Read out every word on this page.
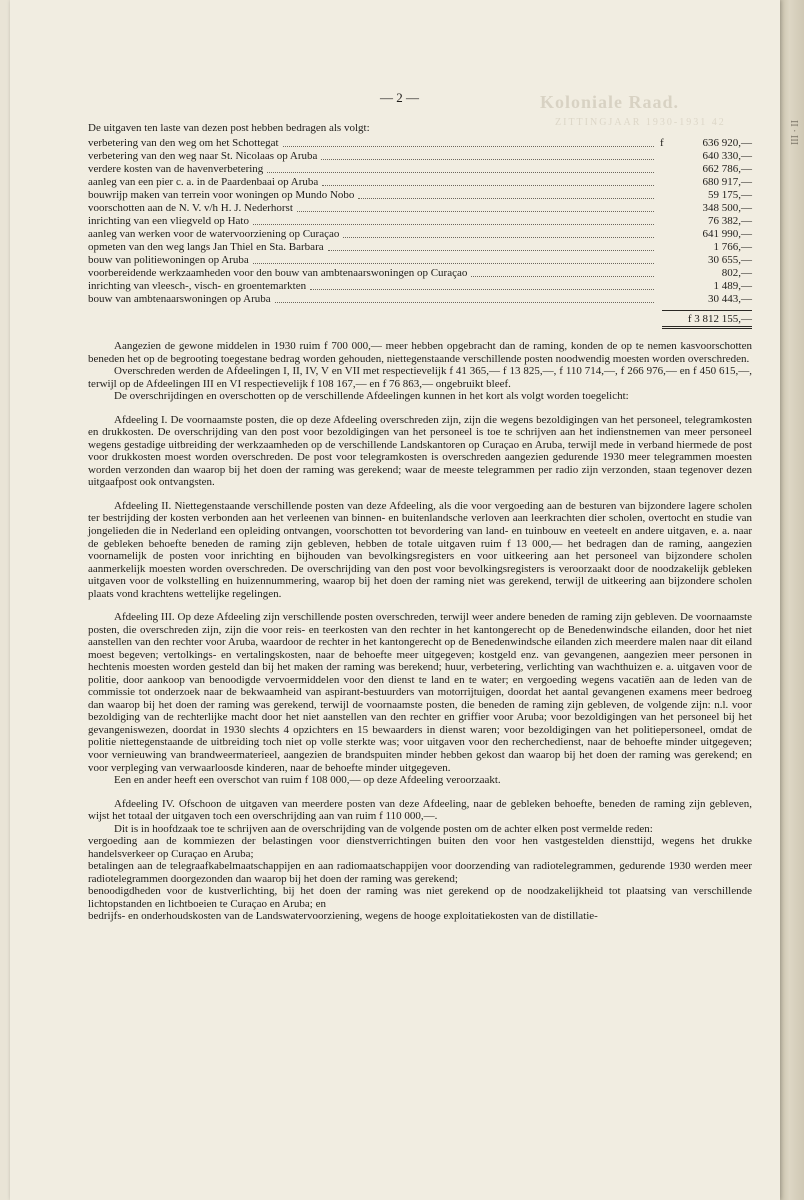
II · III
Koloniale Raad.
ZITTINGJAAR 1930-1931 42
— 2 —

De uitgaven ten laste van dezen post hebben bedragen als volgt:

verbetering van den weg om het Schottegat	f	636 920,—
verbetering van den weg naar St. Nicolaas op Aruba	640 330,—
verdere kosten van de havenverbetering	662 786,—
aanleg van een pier c. a. in de Paardenbaai op Aruba	680 917,—
bouwrijp maken van terrein voor woningen op Mundo Nobo	59 175,—
voorschotten aan de N. V. v/h H. J. Nederhorst	348 500,—
inrichting van een vliegveld op Hato	76 382,—
aanleg van werken voor de watervoorziening op Curaçao	641 990,—
opmeten van den weg langs Jan Thiel en Sta. Barbara	1 766,—
bouw van politiewoningen op Aruba	30 655,—
voorbereidende werkzaamheden voor den bouw van ambtenaarswoningen op Curaçao	802,—
inrichting van vleesch-, visch- en groentemarkten	1 489,—
bouw van ambtenaarswoningen op Aruba	30 443,—
f 3 812 155,—

Aangezien de gewone middelen in 1930 ruim f 700 000,— meer hebben opgebracht dan de raming, konden de op te nemen kasvoorschotten beneden het op de begrooting toegestane bedrag worden gehouden, niettegenstaande verschillende posten noodwendig moesten worden overschreden.

Overschreden werden de Afdeelingen I, II, IV, V en VII met respectievelijk f 41 365,— f 13 825,—, f 110 714,—, f 266 976,— en f 450 615,—, terwijl op de Afdeelingen III en VI respectievelijk f 108 167,— en f 76 863,— ongebruikt bleef.

De overschrijdingen en overschotten op de verschillende Afdeelingen kunnen in het kort als volgt worden toegelicht:

Afdeeling I. De voornaamste posten, die op deze Afdeeling overschreden zijn, zijn die wegens bezoldigingen van het personeel, telegramkosten en drukkosten. De overschrijding van den post voor bezoldigingen van het personeel is toe te schrijven aan het indienstnemen van meer personeel wegens gestadige uitbreiding der werkzaamheden op de verschillende Landskantoren op Curaçao en Aruba, terwijl mede in verband hiermede de post voor drukkosten moest worden overschreden. De post voor telegramkosten is overschreden aangezien gedurende 1930 meer telegrammen moesten worden verzonden dan waarop bij het doen der raming was gerekend; waar de meeste telegrammen per radio zijn verzonden, staan tegenover dezen uitgaafpost ook ontvangsten.

Afdeeling II. Niettegenstaande verschillende posten van deze Afdeeling, als die voor vergoeding aan de besturen van bijzondere lagere scholen ter bestrijding der kosten verbonden aan het verleenen van binnen- en buitenlandsche verloven aan leerkrachten dier scholen, overtocht en studie van jongelieden die in Nederland een opleiding ontvangen, voorschotten tot bevordering van land- en tuinbouw en veeteelt en andere uitgaven, e. a. naar de gebleken behoefte beneden de raming zijn gebleven, hebben de totale uitgaven ruim f 13 000,— het bedragen dan de raming, aangezien voornamelijk de posten voor inrichting en bijhouden van bevolkingsregisters en voor uitkeering aan het personeel van bijzondere scholen aanmerkelijk moesten worden overschreden. De overschrijding van den post voor bevolkingsregisters is veroorzaakt door de noodzakelijk gebleken uitgaven voor de volkstelling en huizennummering, waarop bij het doen der raming niet was gerekend, terwijl de uitkeering aan bijzondere scholen plaats vond krachtens wettelijke regelingen.

Afdeeling III. Op deze Afdeeling zijn verschillende posten overschreden, terwijl weer andere beneden de raming zijn gebleven. De voornaamste posten, die overschreden zijn, zijn die voor reis- en teerkosten van den rechter in het kantongerecht op de Benedenwindsche eilanden, door het niet aanstellen van den rechter voor Aruba, waardoor de rechter in het kantongerecht op de Benedenwindsche eilanden zich meerdere malen naar dit eiland moest begeven; vertolkings- en vertalingskosten, naar de behoefte meer uitgegeven; kostgeld enz. van gevangenen, aangezien meer personen in hechtenis moesten worden gesteld dan bij het maken der raming was berekend; huur, verbetering, verlichting van wachthuizen e. a. uitgaven voor de politie, door aankoop van benoodigde vervoermiddelen voor den dienst te land en te water; en vergoeding wegens vacatiën aan de leden van de commissie tot onderzoek naar de bekwaamheid van aspirant-bestuurders van motorrijtuigen, doordat het aantal gevangenen examens meer bedroeg dan waarop bij het doen der raming was gerekend, terwijl de voornaamste posten, die beneden de raming zijn gebleven, de volgende zijn: n.l. voor bezoldiging van de rechterlijke macht door het niet aanstellen van den rechter en griffier voor Aruba; voor bezoldigingen van het personeel bij het gevangeniswezen, doordat in 1930 slechts 4 opzichters en 15 bewaarders in dienst waren; voor bezoldigingen van het politiepersoneel, omdat de politie niettegenstaande de uitbreiding toch niet op volle sterkte was; voor uitgaven voor den recherchedienst, naar de behoefte minder uitgegeven; voor vernieuwing van brandweermaterieel, aangezien de brandspuiten minder hebben gekost dan waarop bij het doen der raming was gerekend; en voor verpleging van verwaarloosde kinderen, naar de behoefte minder uitgegeven.

Een en ander heeft een overschot van ruim f 108 000,— op deze Afdeeling veroorzaakt.

Afdeeling IV. Ofschoon de uitgaven van meerdere posten van deze Afdeeling, naar de gebleken behoefte, beneden de raming zijn gebleven, wijst het totaal der uitgaven toch een overschrijding aan van ruim f 110 000,—.

Dit is in hoofdzaak toe te schrijven aan de overschrijding van de volgende posten om de achter elken post vermelde reden:

vergoeding aan de kommiezen der belastingen voor dienstverrichtingen buiten den voor hen vastgestelden diensttijd, wegens het drukke handelsverkeer op Curaçao en Aruba;

betalingen aan de telegraafkabelmaatschappijen en aan radiomaatschappijen voor doorzending van radiotelegrammen, gedurende 1930 werden meer radiotelegrammen doorgezonden dan waarop bij het doen der raming was gerekend;

benoodigdheden voor de kustverlichting, bij het doen der raming was niet gerekend op de noodzakelijkheid tot plaatsing van verschillende lichtopstanden en lichtboeien te Curaçao en Aruba; en

bedrijfs- en onderhoudskosten van de Landswatervoorziening, wegens de hooge exploitatiekosten van de distillatie-
